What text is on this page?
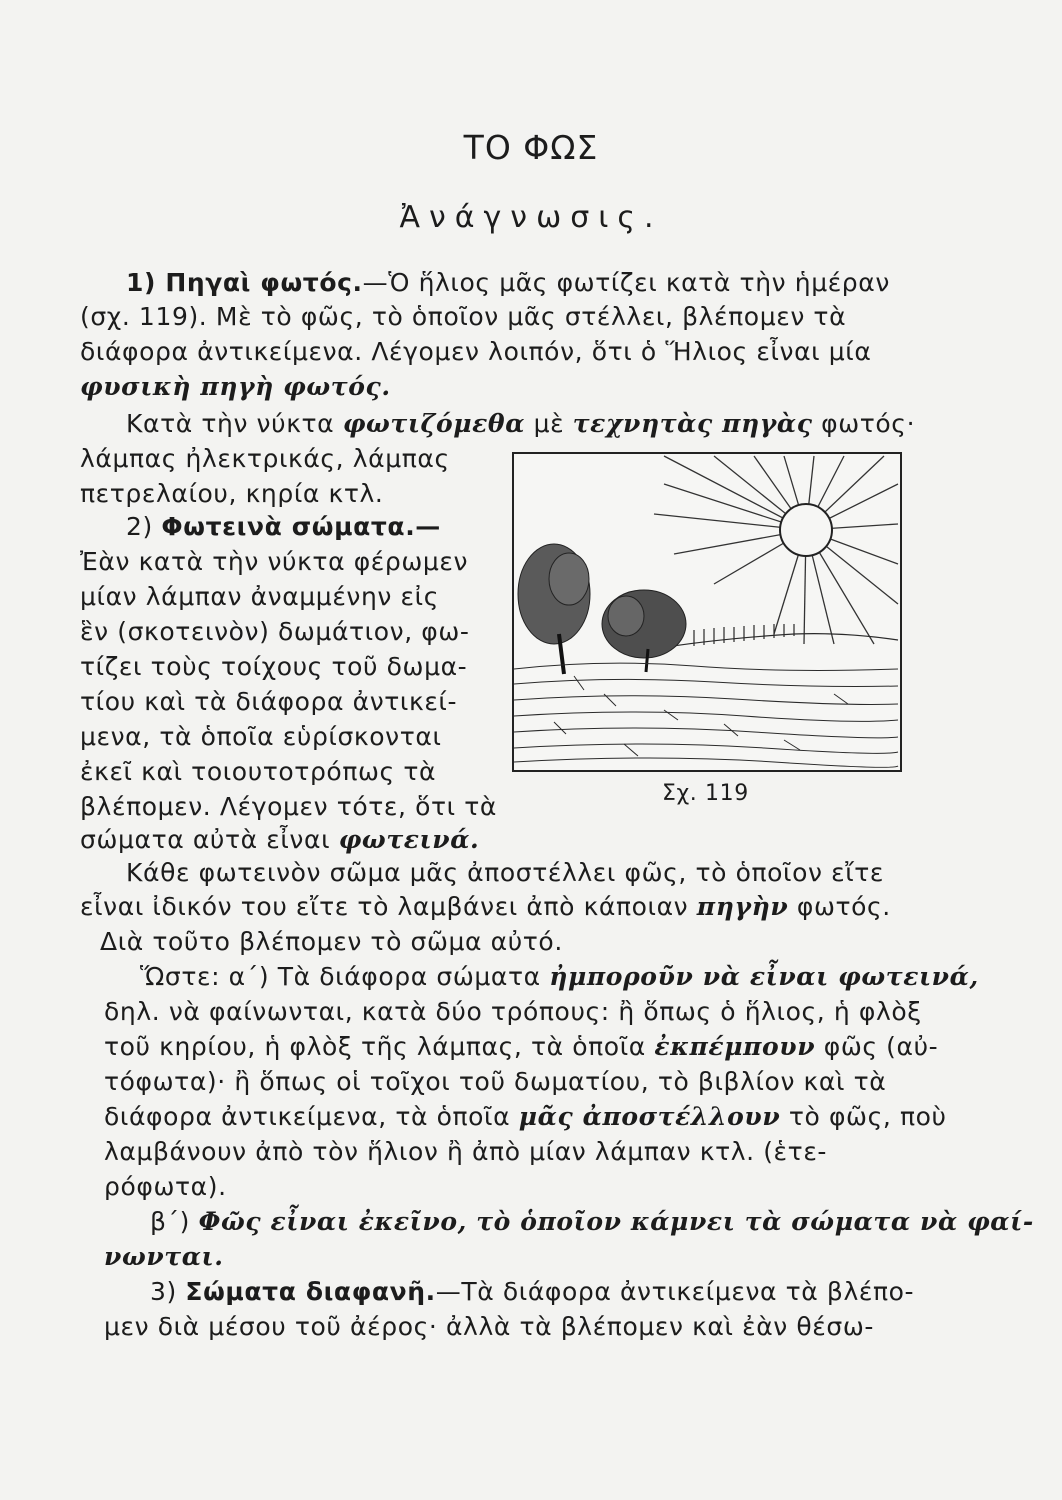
ΤΟ ΦΩΣ
Ἀνάγνωσις.
1) Πηγαὶ φωτός.—Ὁ ἥλιος μᾶς φωτίζει κατὰ τὴν ἡμέραν
(σχ. 119). Μὲ τὸ φῶς, τὸ ὁποῖον μᾶς στέλλει, βλέπομεν τὰ
διάφορα ἀντικείμενα. Λέγομεν λοιπόν, ὅτι ὁ Ἥλιος εἶναι μία
φυσικὴ πηγὴ φωτός.
Κατὰ τὴν νύκτα φωτιζόμεθα μὲ τεχνητὰς πηγὰς φωτός·
λάμπας ἠλεκτρικάς, λάμπας
πετρελαίου, κηρία κτλ.
2) Φωτεινὰ σώματα.—
Ἐὰν κατὰ τὴν νύκτα φέρωμεν
μίαν λάμπαν ἀναμμένην εἰς
ἓν (σκοτεινὸν) δωμάτιον, φω-
τίζει τοὺς τοίχους τοῦ δωμα-
τίου καὶ τὰ διάφορα ἀντικεί-
μενα, τὰ ὁποῖα εὑρίσκονται
ἐκεῖ καὶ τοιουτοτρόπως τὰ
βλέπομεν. Λέγομεν τότε, ὅτι τὰ
σώματα αὐτὰ εἶναι φωτεινά.
Κάθε φωτεινὸν σῶμα μᾶς ἀποστέλλει φῶς, τὸ ὁποῖον εἴτε
εἶναι ἰδικόν του εἴτε τὸ λαμβάνει ἀπὸ κάποιαν πηγὴν φωτός.
Διὰ τοῦτο βλέπομεν τὸ σῶμα αὐτό.
Ὥστε: α΄) Τὰ διάφορα σώματα ἠμποροῦν νὰ εἶναι φωτεινά,
δηλ. νὰ φαίνωνται, κατὰ δύο τρόπους: ἢ ὅπως ὁ ἥλιος, ἡ φλὸξ
τοῦ κηρίου, ἡ φλὸξ τῆς λάμπας, τὰ ὁποῖα ἐκπέμπουν φῶς (αὐ-
τόφωτα)· ἢ ὅπως οἱ τοῖχοι τοῦ δωματίου, τὸ βιβλίον καὶ τὰ
διάφορα ἀντικείμενα, τὰ ὁποῖα μᾶς ἀποστέλλουν τὸ φῶς, ποὺ
λαμβάνουν ἀπὸ τὸν ἥλιον ἢ ἀπὸ μίαν λάμπαν κτλ. (ἑτε-
ρόφωτα).
β΄) Φῶς εἶναι ἐκεῖνο, τὸ ὁποῖον κάμνει τὰ σώματα νὰ φαί-
νωνται.
3) Σώματα διαφανῆ.—Τὰ διάφορα ἀντικείμενα τὰ βλέπο-
μεν διὰ μέσου τοῦ ἀέρος· ἀλλὰ τὰ βλέπομεν καὶ ἐὰν θέσω-
Σχ. 119
